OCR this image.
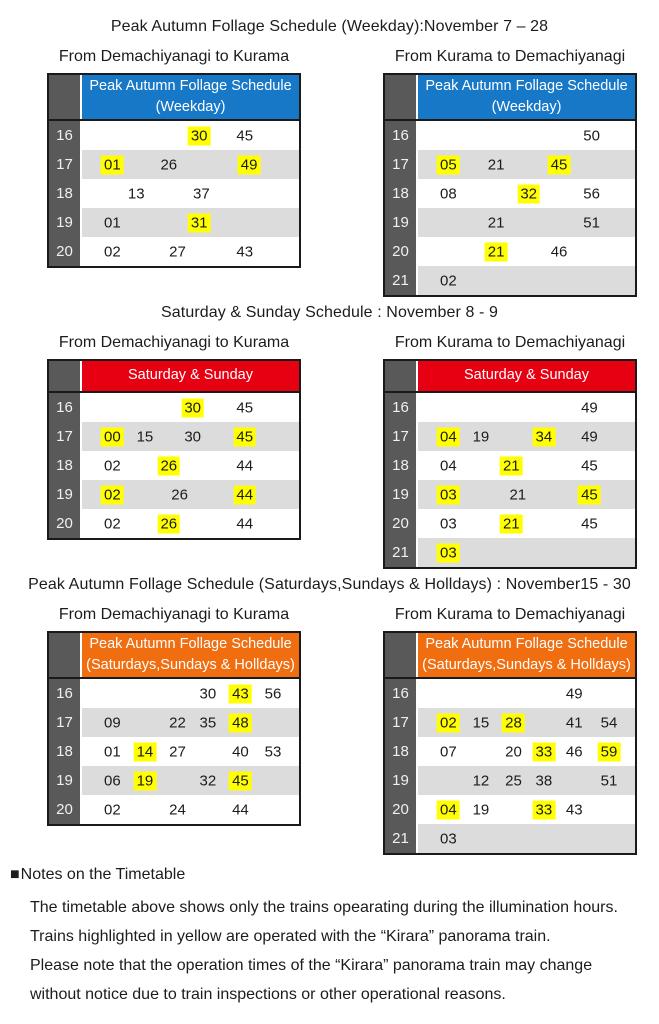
Peak Autumn Follage Schedule (Weekday):November 7 – 28
From Demachiyanagi to Kurama
Peak Autumn Follage Schedule
(Weekday)
16	30 45
17	01	26	49
18	13	37
19	01	31
20	02	27	43
From Kurama to Demachiyanagi
Peak Autumn Follage Schedule
(Weekday)
16	50
17	05 21	45
18	08	32	56
19	21	51
20	21	46
21	02
Saturday & Sunday Schedule : November 8 - 9
From Demachiyanagi to Kurama
Saturday & Sunday
16	30 45
17	00 15 30 45
18	02	26	44
19	02	26	44
20	02	26	44
From Kurama to Demachiyanagi
Saturday & Sunday
16	49
17	04 19	34 49
18	04	21	45
19	03	21	45
20	03	21	45
21	03
Peak Autumn Follage Schedule (Saturdays,Sundays & Holldays) : November15 - 30
From Demachiyanagi to Kurama
Peak Autumn Follage Schedule
(Saturdays,Sundays & Holldays)
16	30 43 56
17	09	22 35 48
18	01 14 27	40 53
19	06 19	32 45
20	02	24	44
From Kurama to Demachiyanagi
Peak Autumn Follage Schedule
(Saturdays,Sundays & Holldays)
16	49
17	02 15 28	41 54
18	07	20 33 46 59
19	12 25 38	51
20	04 19	33 43
21	03
■Notes on the Timetable
The timetable above shows only the trains opearating during the illumination hours.
Trains highlighted in yellow are operated with the “Kirara” panorama train.
Please note that the operation times of the “Kirara” panorama train may change
without notice due to train inspections or other operational reasons.
